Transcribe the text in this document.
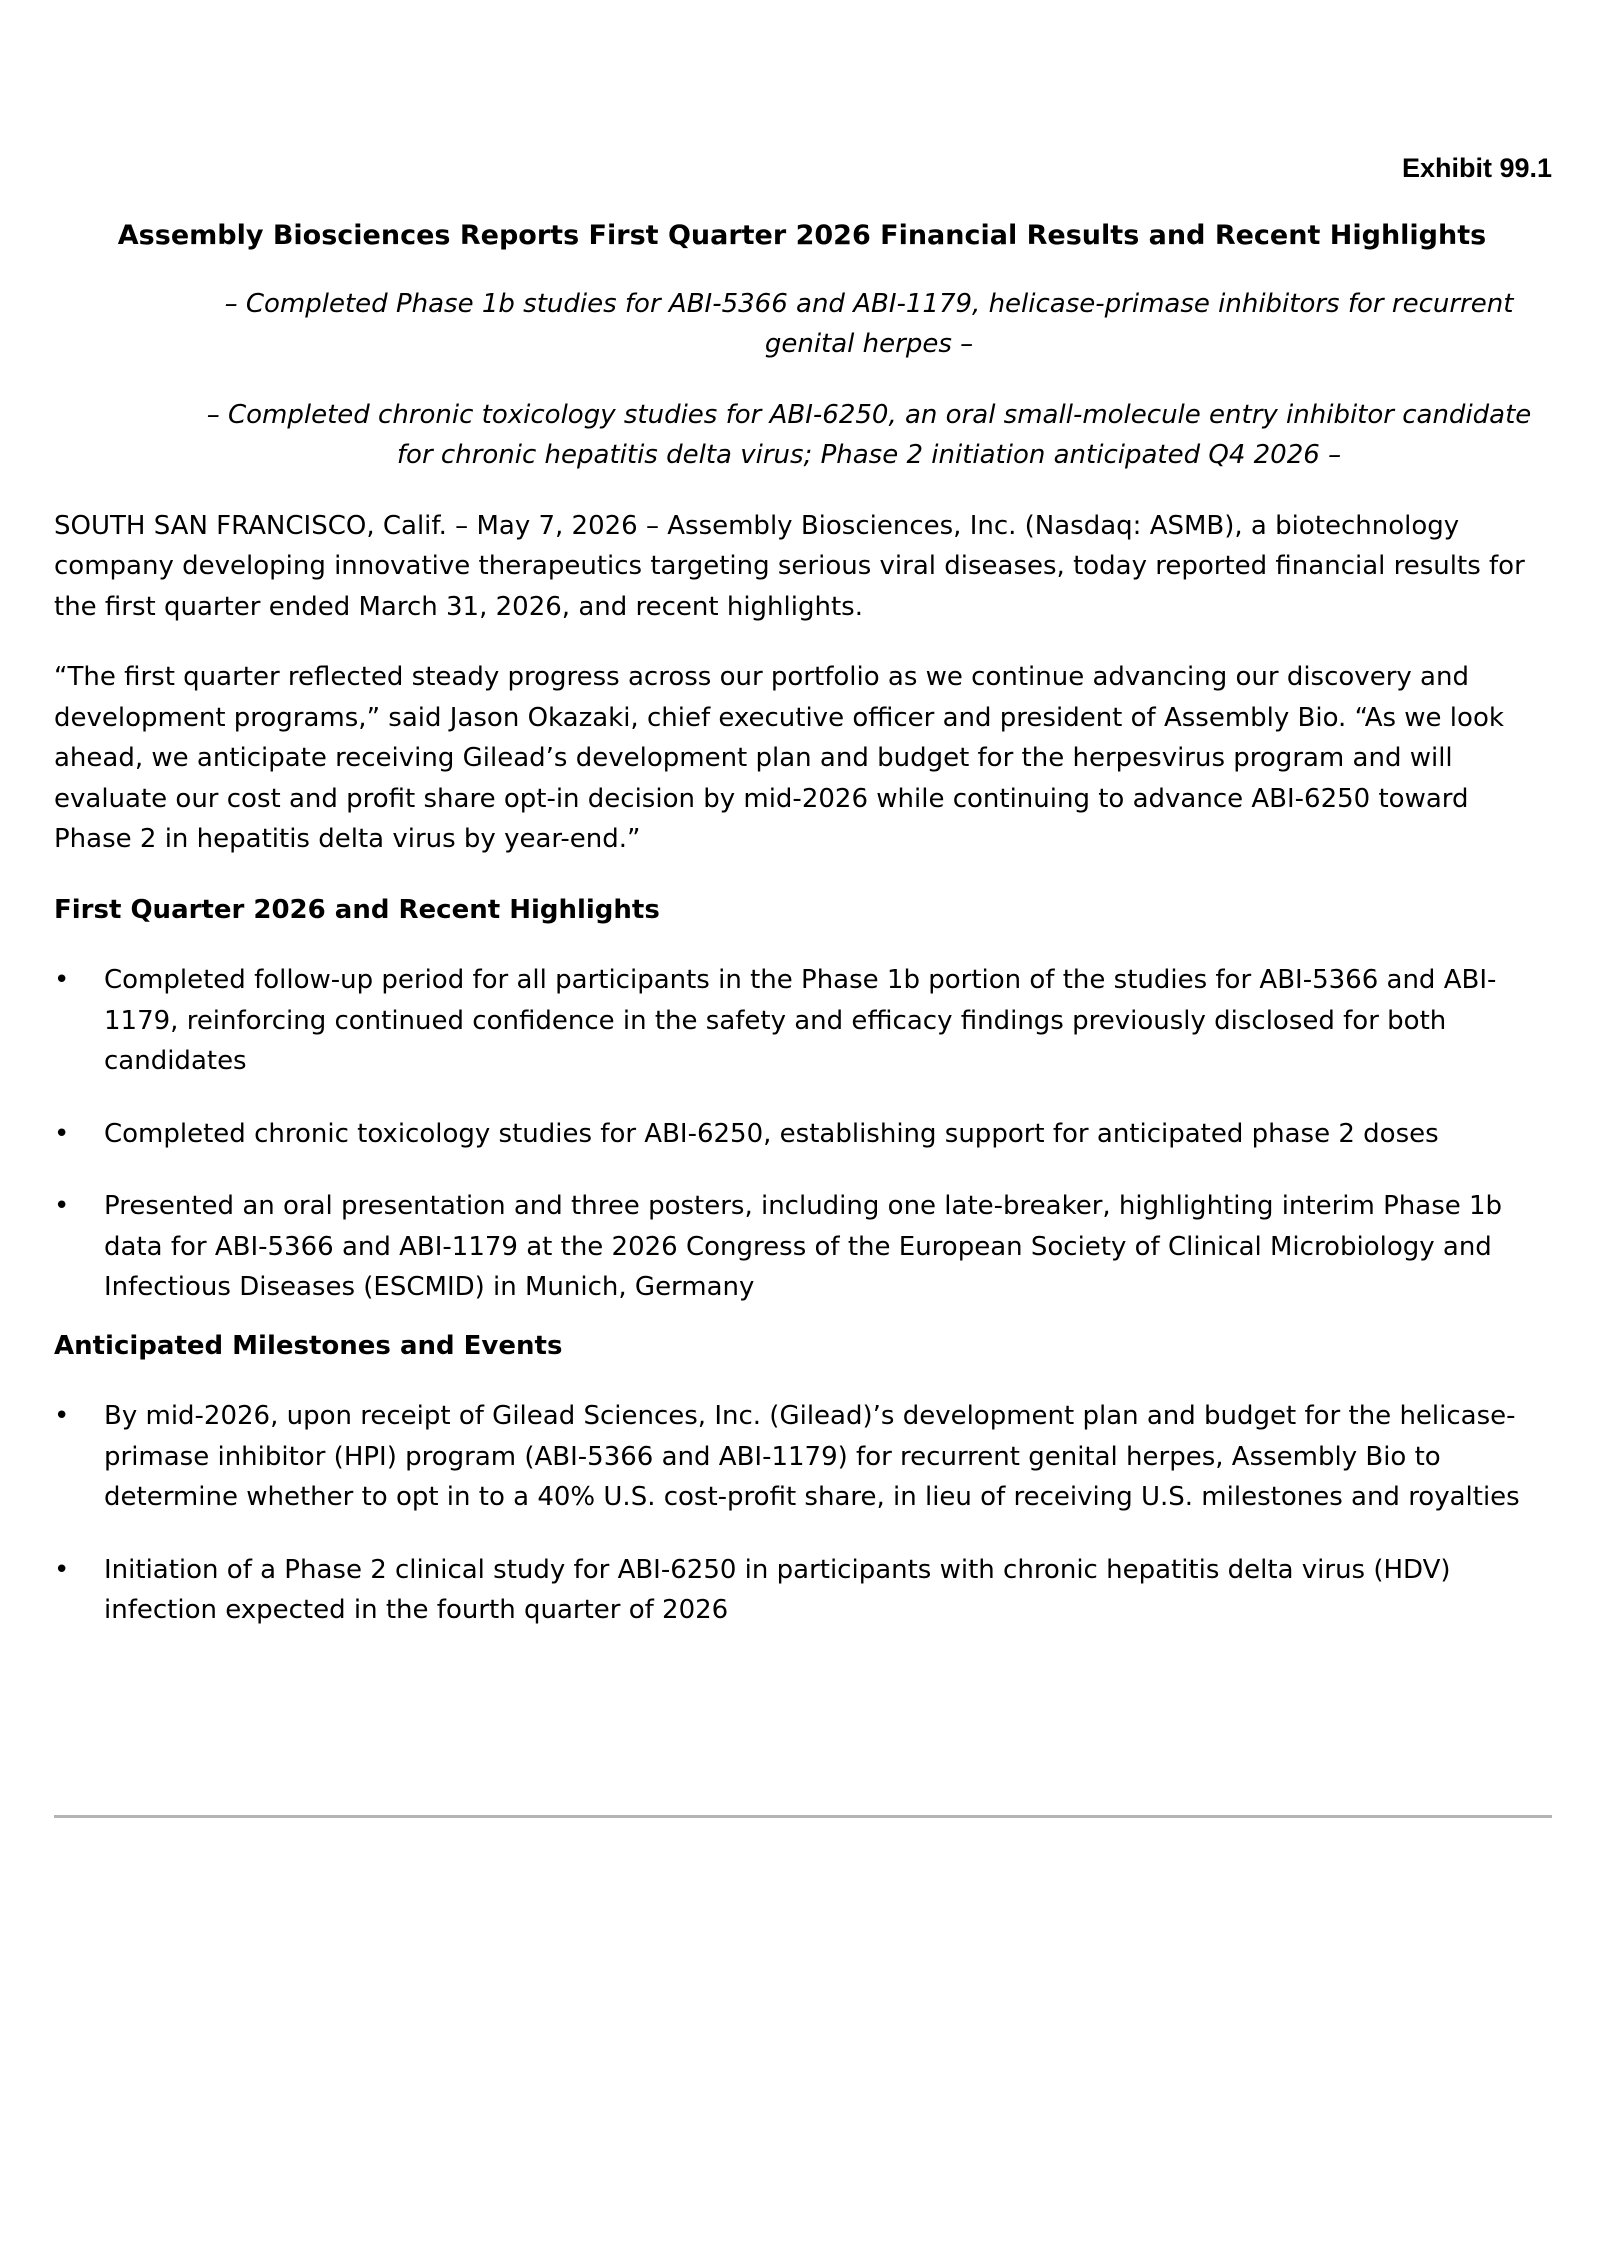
Exhibit 99.1

Assembly Biosciences Reports First Quarter 2026 Financial Results and Recent Highlights

– Completed Phase 1b studies for ABI-5366 and ABI-1179, helicase-primase inhibitors for recurrent genital herpes –

– Completed chronic toxicology studies for ABI-6250, an oral small-molecule entry inhibitor candidate for chronic hepatitis delta virus; Phase 2 initiation anticipated Q4 2026 –

SOUTH SAN FRANCISCO, Calif. – May 7, 2026 – Assembly Biosciences, Inc. (Nasdaq: ASMB), a biotechnology company developing innovative therapeutics targeting serious viral diseases, today reported financial results for the first quarter ended March 31, 2026, and recent highlights.

“The first quarter reflected steady progress across our portfolio as we continue advancing our discovery and development programs,” said Jason Okazaki, chief executive officer and president of Assembly Bio. “As we look ahead, we anticipate receiving Gilead’s development plan and budget for the herpesvirus program and will evaluate our cost and profit share opt-in decision by mid-2026 while continuing to advance ABI-6250 toward Phase 2 in hepatitis delta virus by year-end.”

First Quarter 2026 and Recent Highlights

• Completed follow-up period for all participants in the Phase 1b portion of the studies for ABI-5366 and ABI-1179, reinforcing continued confidence in the safety and efficacy findings previously disclosed for both candidates
• Completed chronic toxicology studies for ABI-6250, establishing support for anticipated phase 2 doses
• Presented an oral presentation and three posters, including one late-breaker, highlighting interim Phase 1b data for ABI-5366 and ABI-1179 at the 2026 Congress of the European Society of Clinical Microbiology and Infectious Diseases (ESCMID) in Munich, Germany

Anticipated Milestones and Events

• By mid-2026, upon receipt of Gilead Sciences, Inc. (Gilead)’s development plan and budget for the helicase-primase inhibitor (HPI) program (ABI-5366 and ABI-1179) for recurrent genital herpes, Assembly Bio to determine whether to opt in to a 40% U.S. cost-profit share, in lieu of receiving U.S. milestones and royalties
• Initiation of a Phase 2 clinical study for ABI-6250 in participants with chronic hepatitis delta virus (HDV) infection expected in the fourth quarter of 2026
